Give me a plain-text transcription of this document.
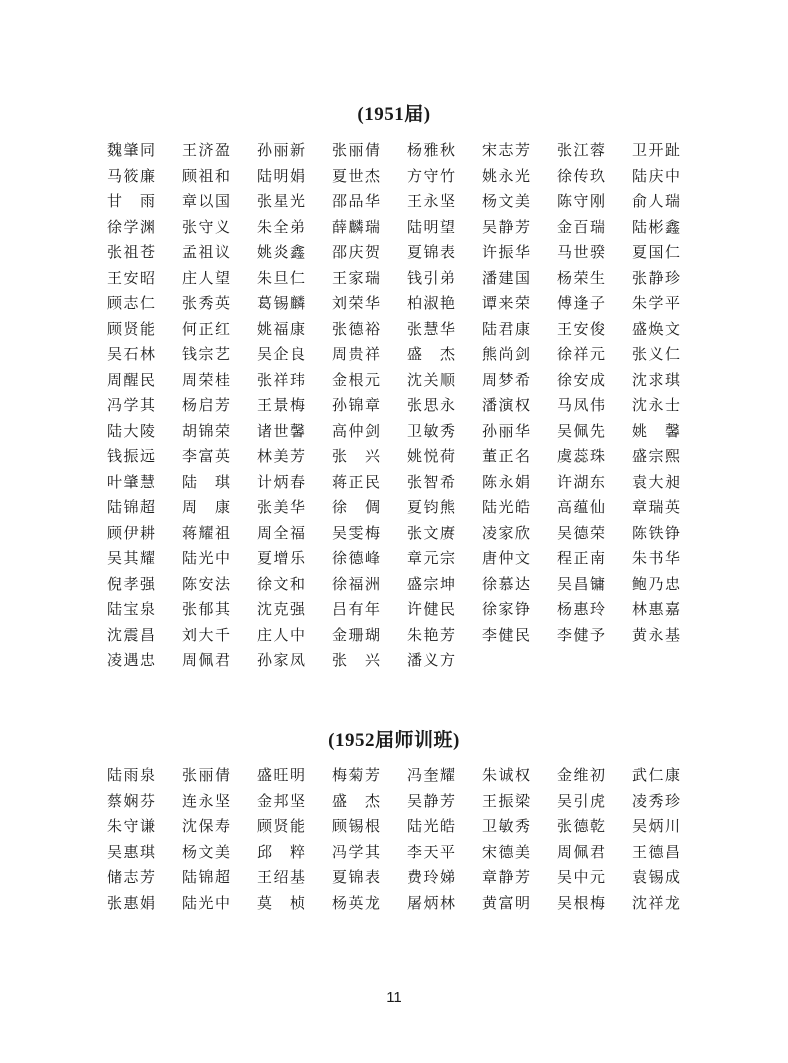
(1951届)
魏肇同 王济盈 孙丽新 张丽倩 杨雅秋 宋志芳 张江蓉 卫开趾
马筱廉 顾祖和 陆明娟 夏世杰 方守竹 姚永光 徐传玖 陆庆中
甘 雨 章以国 张星光 邵品华 王永坚 杨文美 陈守刚 俞人瑞
徐学渊 张守义 朱全弟 薛麟瑞 陆明望 吴静芳 金百瑞 陆彬鑫
张祖苍 孟祖议 姚炎鑫 邵庆贺 夏锦表 许振华 马世骙 夏国仁
王安昭 庄人望 朱旦仁 王家瑞 钱引弟 潘建国 杨荣生 张静珍
顾志仁 张秀英 葛锡麟 刘荣华 柏淑艳 谭来荣 傅逢子 朱学平
顾贤能 何正红 姚福康 张德裕 张慧华 陆君康 王安俊 盛焕文
吴石林 钱宗艺 吴企良 周贵祥 盛 杰 熊尚剑 徐祥元 张义仁
周醒民 周荣桂 张祥玮 金根元 沈关顺 周梦希 徐安成 沈求琪
冯学其 杨启芳 王景梅 孙锦章 张思永 潘演权 马凤伟 沈永士
陆大陵 胡锦荣 诸世馨 高仲剑 卫敏秀 孙丽华 吴佩先 姚 馨
钱振远 李富英 林美芳 张 兴 姚悦荷 董正名 虞蕊珠 盛宗熙
叶肇慧 陆 琪 计炳春 蒋正民 张智希 陈永娟 许湖东 袁大昶
陆锦超 周 康 张美华 徐 倜 夏钧熊 陆光皓 高蕴仙 章瑞英
顾伊耕 蒋耀祖 周全福 吴雯梅 张文赓 凌家欣 吴德荣 陈铁铮
吴其耀 陆光中 夏增乐 徐德峰 章元宗 唐仲文 程正南 朱书华
倪孝强 陈安法 徐文和 徐福洲 盛宗坤 徐慕达 吴昌镛 鲍乃忠
陆宝泉 张郁其 沈克强 吕有年 许健民 徐家铮 杨惠玲 林惠嘉
沈震昌 刘大千 庄人中 金珊瑚 朱艳芳 李健民 李健予 黄永基
凌遇忠 周佩君 孙家凤 张 兴 潘义方
(1952届师训班)
陆雨泉 张丽倩 盛旺明 梅菊芳 冯奎耀 朱诚权 金维初 武仁康
蔡娴芬 连永坚 金邦坚 盛 杰 吴静芳 王振梁 吴引虎 凌秀珍
朱守谦 沈保寿 顾贤能 顾锡根 陆光皓 卫敏秀 张德乾 吴炳川
吴惠琪 杨文美 邱 粹 冯学其 李天平 宋德美 周佩君 王德昌
储志芳 陆锦超 王绍基 夏锦表 费玲娣 章静芳 吴中元 袁锡成
张惠娟 陆光中 莫 桢 杨英龙 屠炳林 黄富明 吴根梅 沈祥龙
11
